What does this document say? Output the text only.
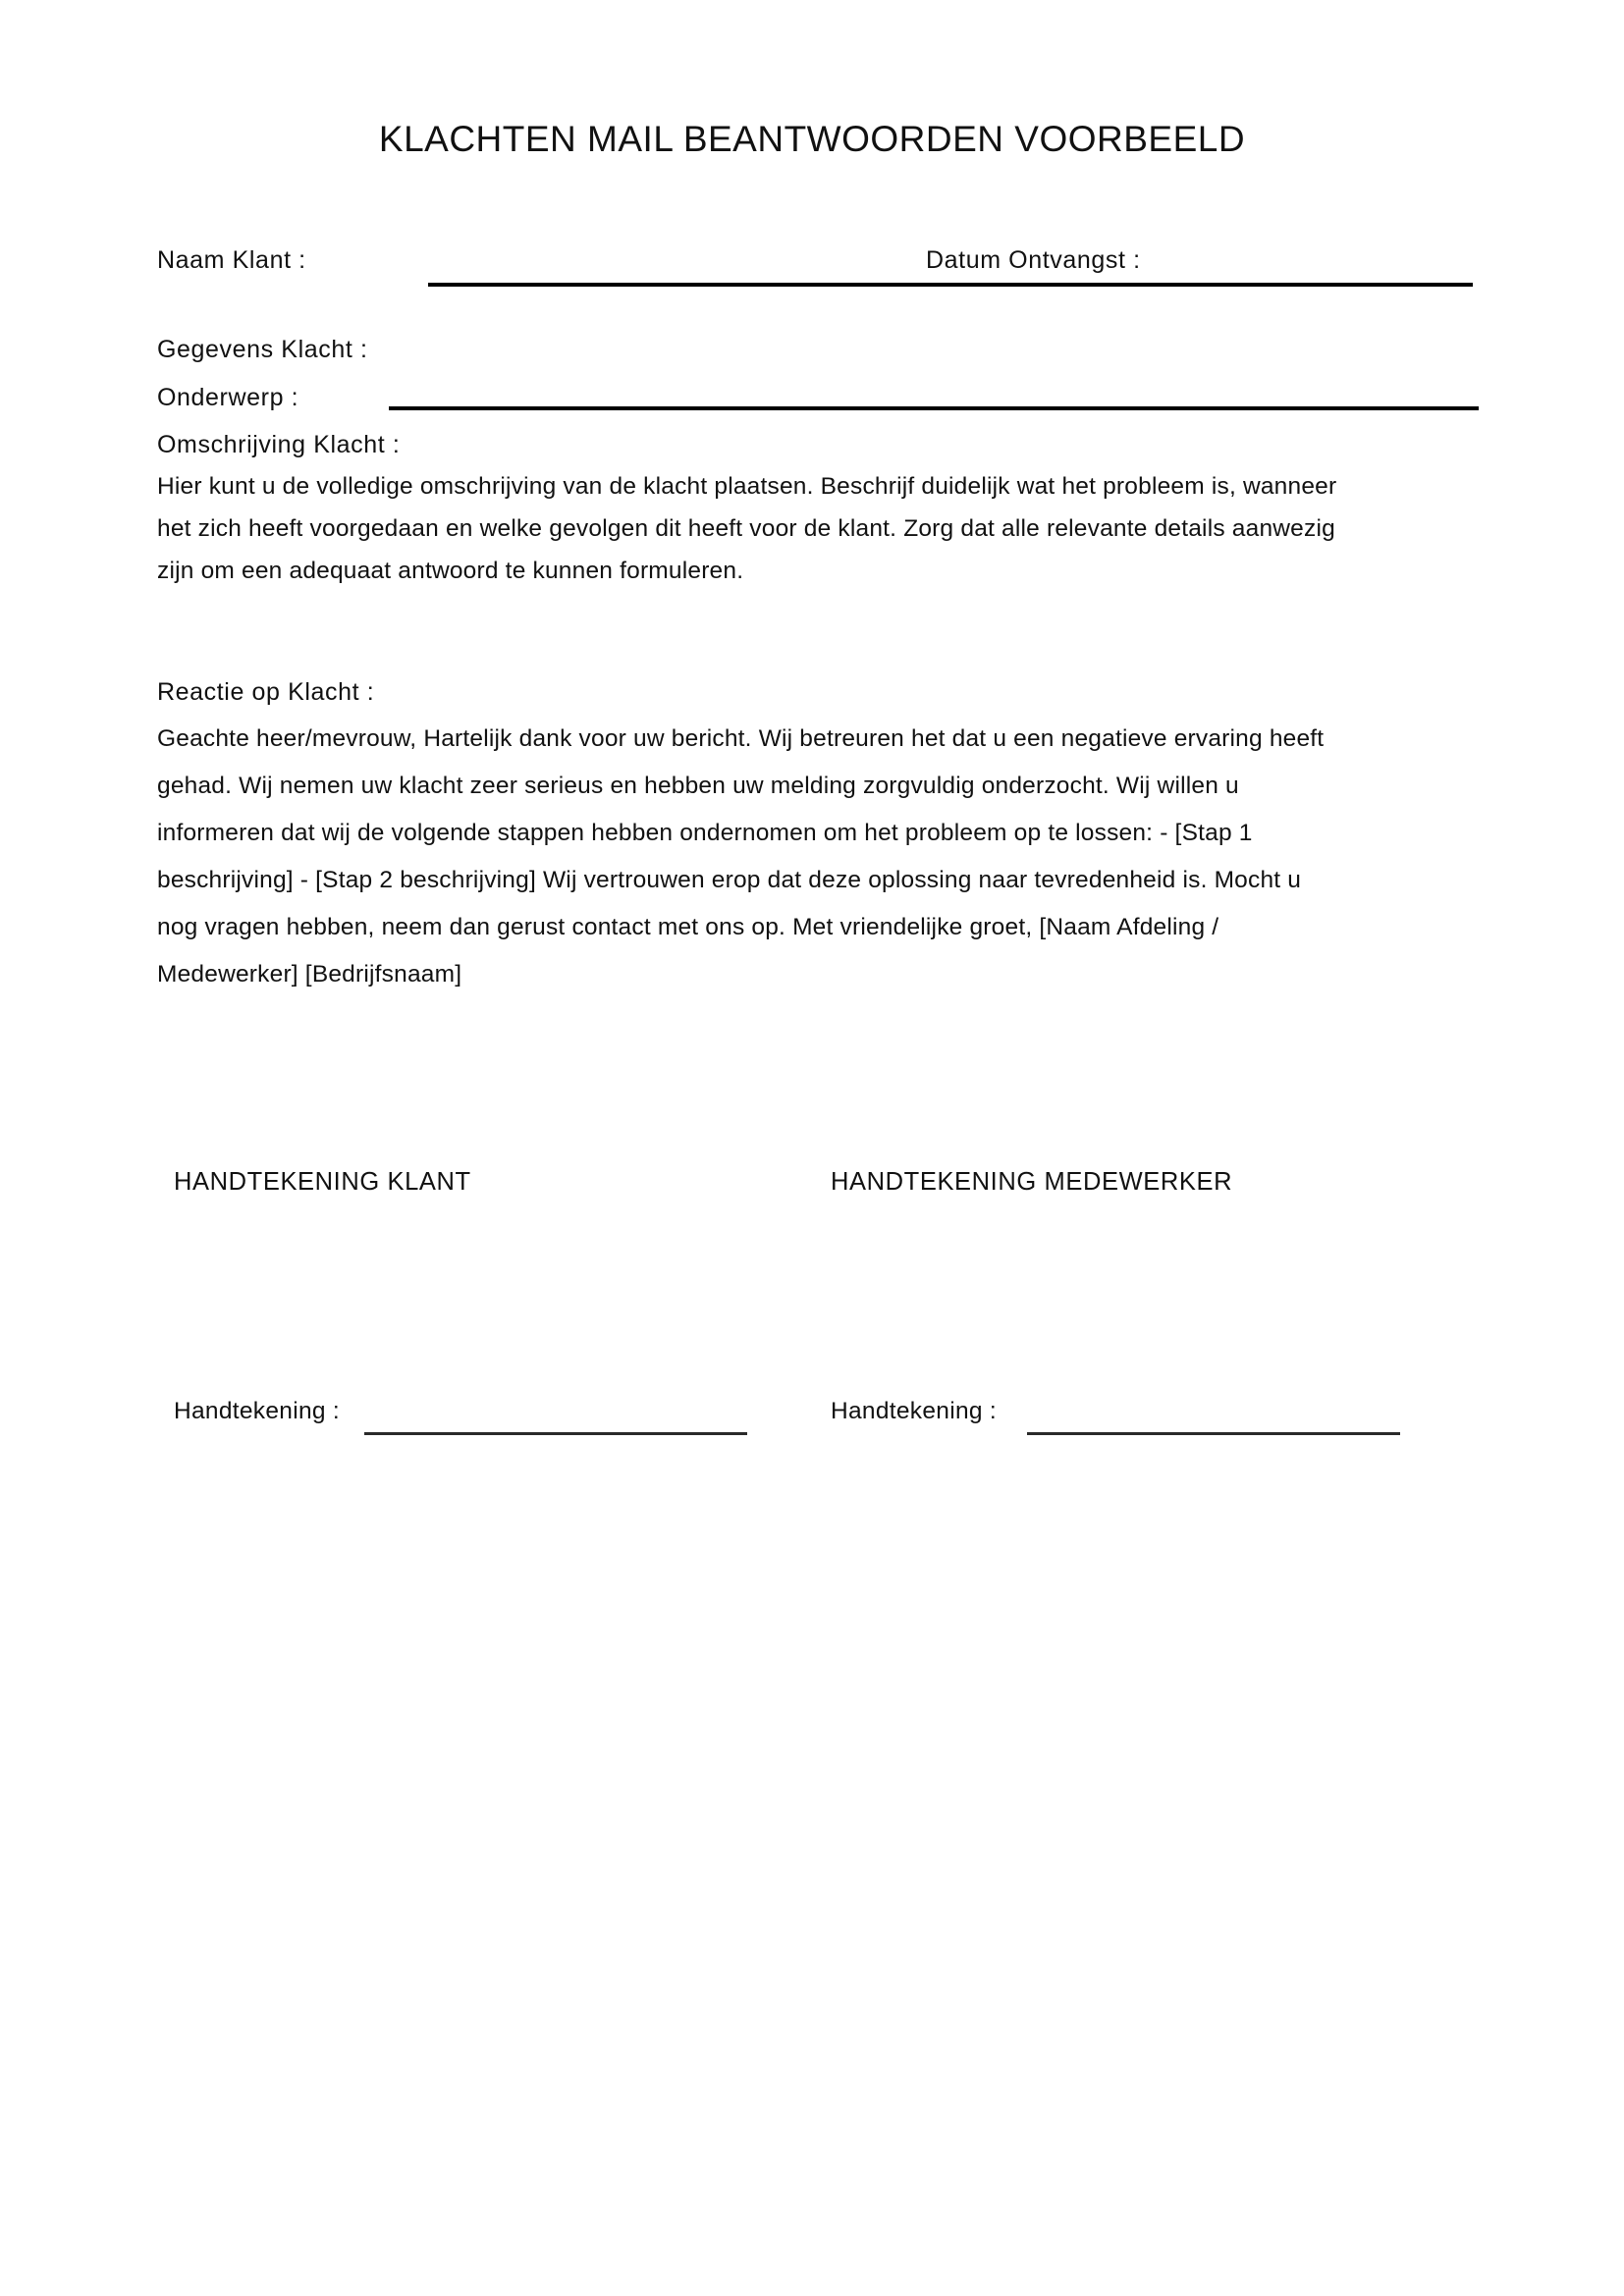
KLACHTEN MAIL BEANTWOORDEN VOORBEELD
Naam Klant :	Datum Ontvangst :
Gegevens Klacht :
Onderwerp :
Omschrijving Klacht :
Hier kunt u de volledige omschrijving van de klacht plaatsen. Beschrijf duidelijk wat het probleem is, wanneer
het zich heeft voorgedaan en welke gevolgen dit heeft voor de klant. Zorg dat alle relevante details aanwezig
zijn om een adequaat antwoord te kunnen formuleren.
Reactie op Klacht :
Geachte heer/mevrouw, Hartelijk dank voor uw bericht. Wij betreuren het dat u een negatieve ervaring heeft
gehad. Wij nemen uw klacht zeer serieus en hebben uw melding zorgvuldig onderzocht. Wij willen u
informeren dat wij de volgende stappen hebben ondernomen om het probleem op te lossen: - [Stap 1
beschrijving] - [Stap 2 beschrijving] Wij vertrouwen erop dat deze oplossing naar tevredenheid is. Mocht u
nog vragen hebben, neem dan gerust contact met ons op. Met vriendelijke groet, [Naam Afdeling /
Medewerker] [Bedrijfsnaam]
HANDTEKENING KLANT	HANDTEKENING MEDEWERKER
Handtekening :	Handtekening :
